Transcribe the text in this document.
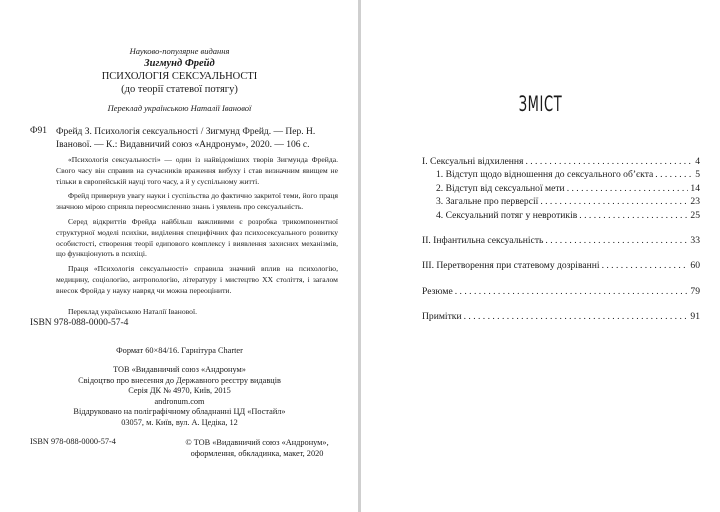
Науково-популярне видання
Зигмунд Фрейд
ПСИХОЛОГІЯ СЕКСУАЛЬНОСТІ
(до теорії статевої потягу)
Переклад українською Наталії Іванової
Ф91 Фрейд З. Психологія сексуальності / Зигмунд Фрейд. — Пер. Н. Іванової. — К.: Видавничий союз «Андронум», 2020. — 106 с.

«Психологія сексуальності» — один із найвідоміших творів Зигмунда Фрейда. Свого часу він справив на сучасників враження вибуху і став визначним явищем не тільки в європейській науці того часу, а й у суспільному житті.

Фрейд привернув увагу науки і суспільства до фактично закритої теми, його праця значною мірою сприяла переосмисленню знань і уявлень про сексуальність.

Серед відкриттів Фрейда найбільш важливими є розробка трикомпонентної структурної моделі психіки, виділення специфічних фаз психосексуального розвитку особистості, створення теорії едипового комплексу і виявлення захисних механізмів, що функціонують в психіці.

Праця «Психологія сексуальності» справила значний вплив на психологію, медицину, соціологію, антропологію, літературу і мистецтво XX століття, і загалом внесок Фройда у науку навряд чи можна переоцінити.

Переклад українською Наталії Іванової.

ISBN 978-088-0000-57-4
Формат 60×84/16. Гарнітура Charter
ТОВ «Видавничий союз «Андронум»
Свідоцтво про внесення до Державного реєстру видавців
Серія ДК № 4970, Київ, 2015
andronum.com
Віддруковано на поліграфічному обладнанні ЦД «Постайл»
03057, м. Київ, вул. А. Цедіка, 12
ISBN 978-088-0000-57-4	© ТОВ «Видавничий союз «Андронум»,
оформлення, обкладинка, макет, 2020
ЗМІСТ
I. Сексуальні відхилення . . .	4
1. Відступ щодо відношення до сексуального об’єкта . . .	5
2. Відступ від сексуальної мети . . .	14
3. Загальне про перверсії . . .	23
4. Сексуальний потяг у невротиків . . .	25
II. Інфантильна сексуальність . . .	33
III. Перетворення при статевому дозріванні . . .	60
Резюме . . .	79
Примітки . . .	91
